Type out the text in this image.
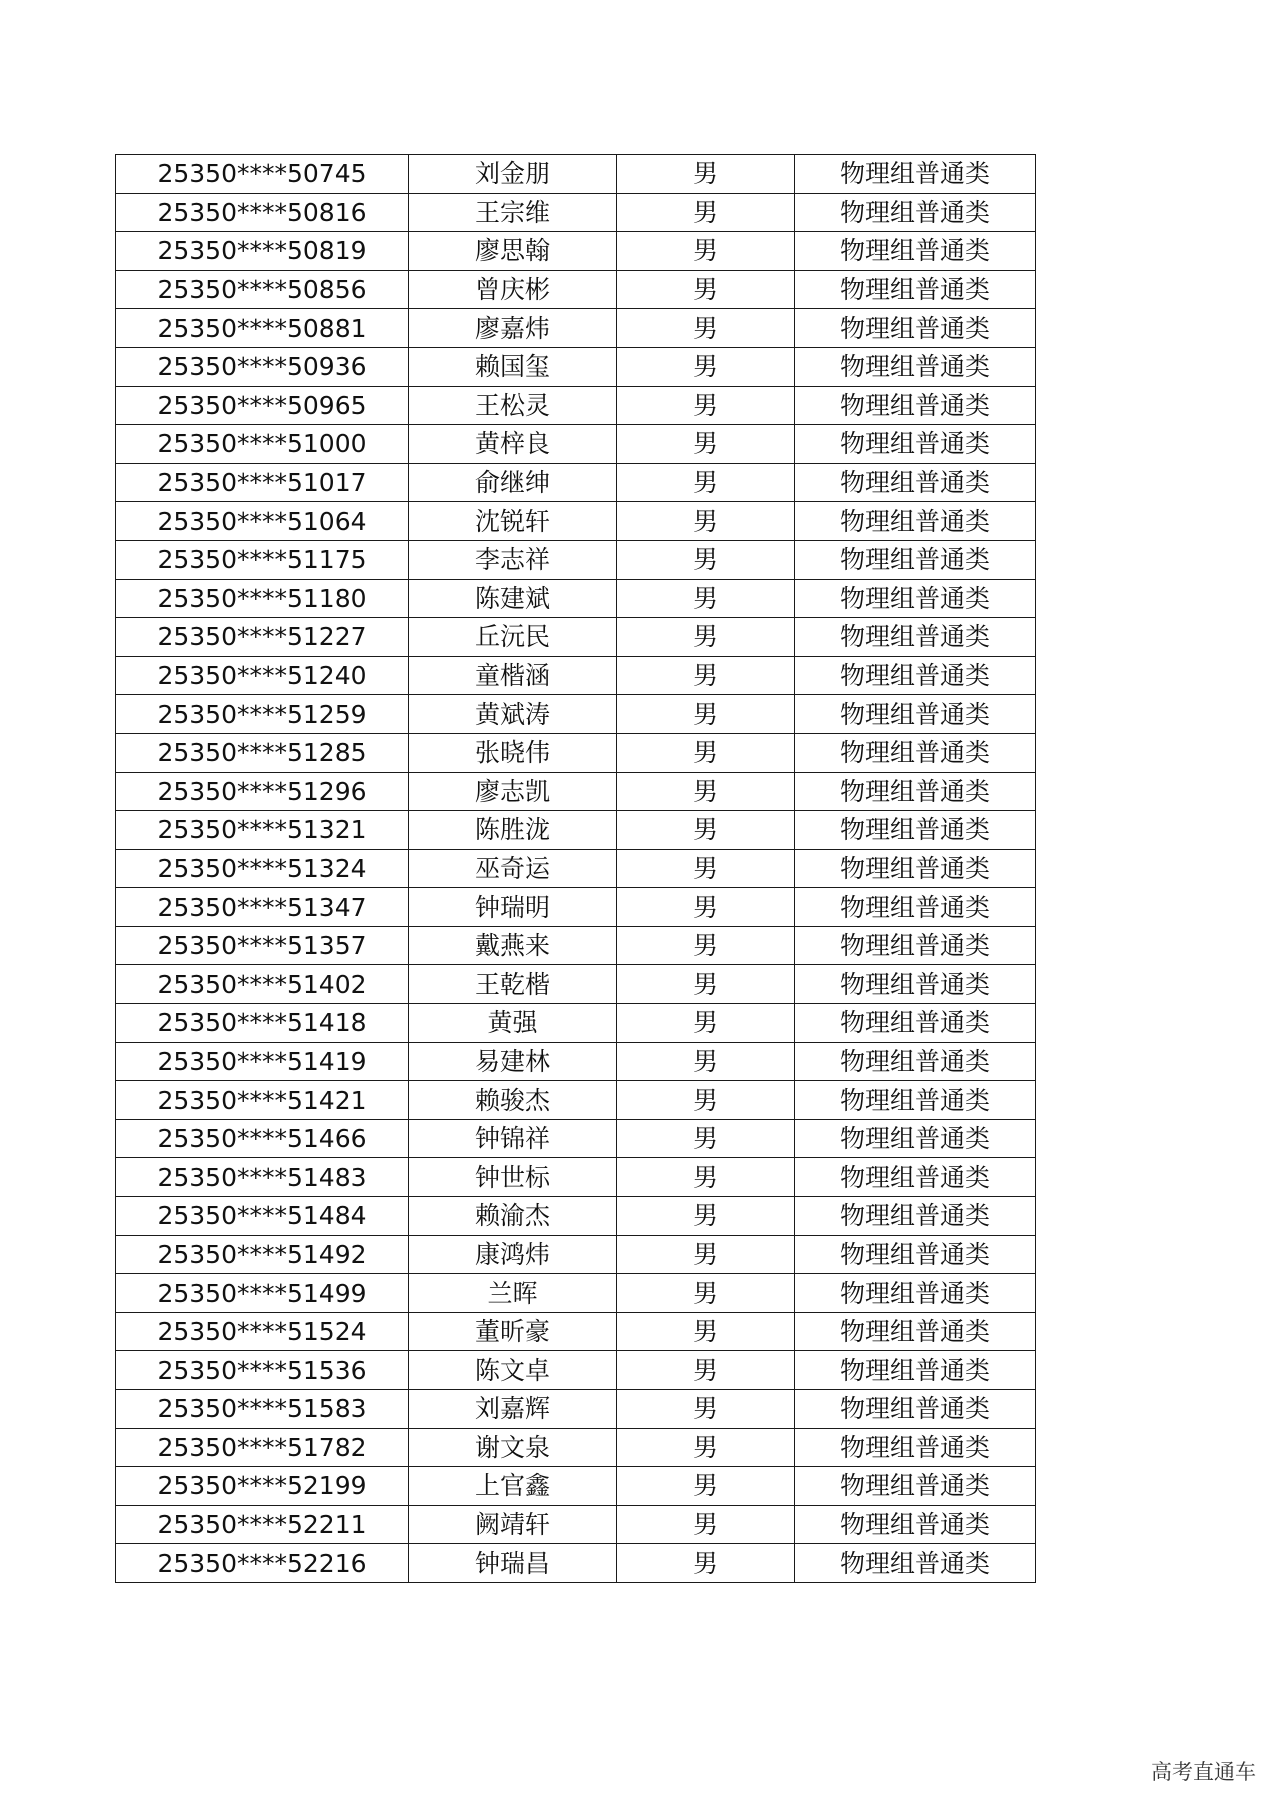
25350****50745	刘金朋	男	物理组普通类
25350****50816	王宗维	男	物理组普通类
25350****50819	廖思翰	男	物理组普通类
25350****50856	曾庆彬	男	物理组普通类
25350****50881	廖嘉炜	男	物理组普通类
25350****50936	赖国玺	男	物理组普通类
25350****50965	王松灵	男	物理组普通类
25350****51000	黄梓良	男	物理组普通类
25350****51017	俞继绅	男	物理组普通类
25350****51064	沈锐轩	男	物理组普通类
25350****51175	李志祥	男	物理组普通类
25350****51180	陈建斌	男	物理组普通类
25350****51227	丘沅民	男	物理组普通类
25350****51240	童楷涵	男	物理组普通类
25350****51259	黄斌涛	男	物理组普通类
25350****51285	张晓伟	男	物理组普通类
25350****51296	廖志凯	男	物理组普通类
25350****51321	陈胜泷	男	物理组普通类
25350****51324	巫奇运	男	物理组普通类
25350****51347	钟瑞明	男	物理组普通类
25350****51357	戴燕来	男	物理组普通类
25350****51402	王乾楷	男	物理组普通类
25350****51418	黄强	男	物理组普通类
25350****51419	易建林	男	物理组普通类
25350****51421	赖骏杰	男	物理组普通类
25350****51466	钟锦祥	男	物理组普通类
25350****51483	钟世标	男	物理组普通类
25350****51484	赖渝杰	男	物理组普通类
25350****51492	康鸿炜	男	物理组普通类
25350****51499	兰晖	男	物理组普通类
25350****51524	董昕豪	男	物理组普通类
25350****51536	陈文卓	男	物理组普通类
25350****51583	刘嘉辉	男	物理组普通类
25350****51782	谢文泉	男	物理组普通类
25350****52199	上官鑫	男	物理组普通类
25350****52211	阙靖轩	男	物理组普通类
25350****52216	钟瑞昌	男	物理组普通类
高考直通车
